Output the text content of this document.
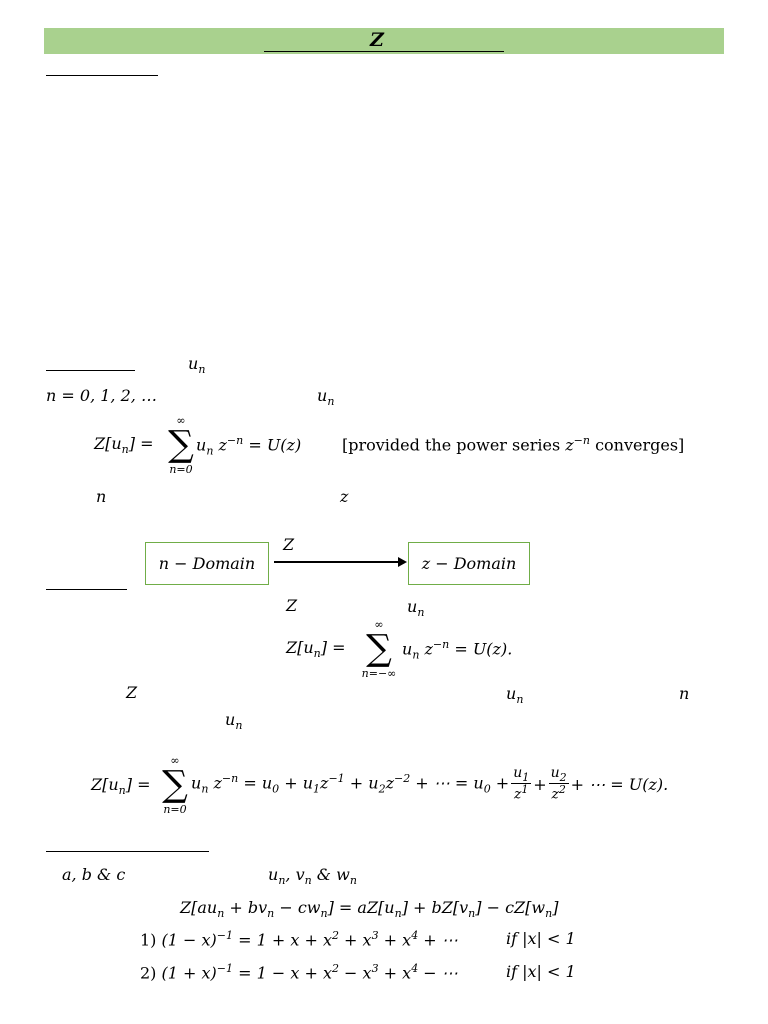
Z
$u_n$
n = 0, 1, 2, …	$u_n$
$Z[u_n]$ =
∞
∑
n=0
$u_n$ $z^{-n} = U(z)$	[provided the power series $z^{-n}$ converges]
n	z
Z
n − Domain	z − Domain
Z	$u_n$
$Z[u_n]$ =
∞
∑
n=−∞
$u_n$ $z^{-n} = U(z)$.
Z	$u_n$	n
$u_n$
$Z[u_n]$ =
∞
∑
n=0
$u_n$ $z^{-n} = u_0 + u_1z^{-1} + u_2z^{-2}$ + ⋯ = $u_0 + \frac{u_1}{z^1} + \frac{u_2}{z^2}$ + ⋯ = U(z).
a, b & c	$u_n$, $v_n$ & $w_n$
$Z[au_n + bv_n - cw_n] = aZ[u_n] + bZ[v_n] - cZ[w_n]$
1) $(1 - x)^{-1} = 1 + x + x^2 + x^3 + x^4$ + ⋯	if |x| < 1
2) $(1 + x)^{-1} = 1 - x + x^2 - x^3 + x^4$ − ⋯	if |x| < 1
